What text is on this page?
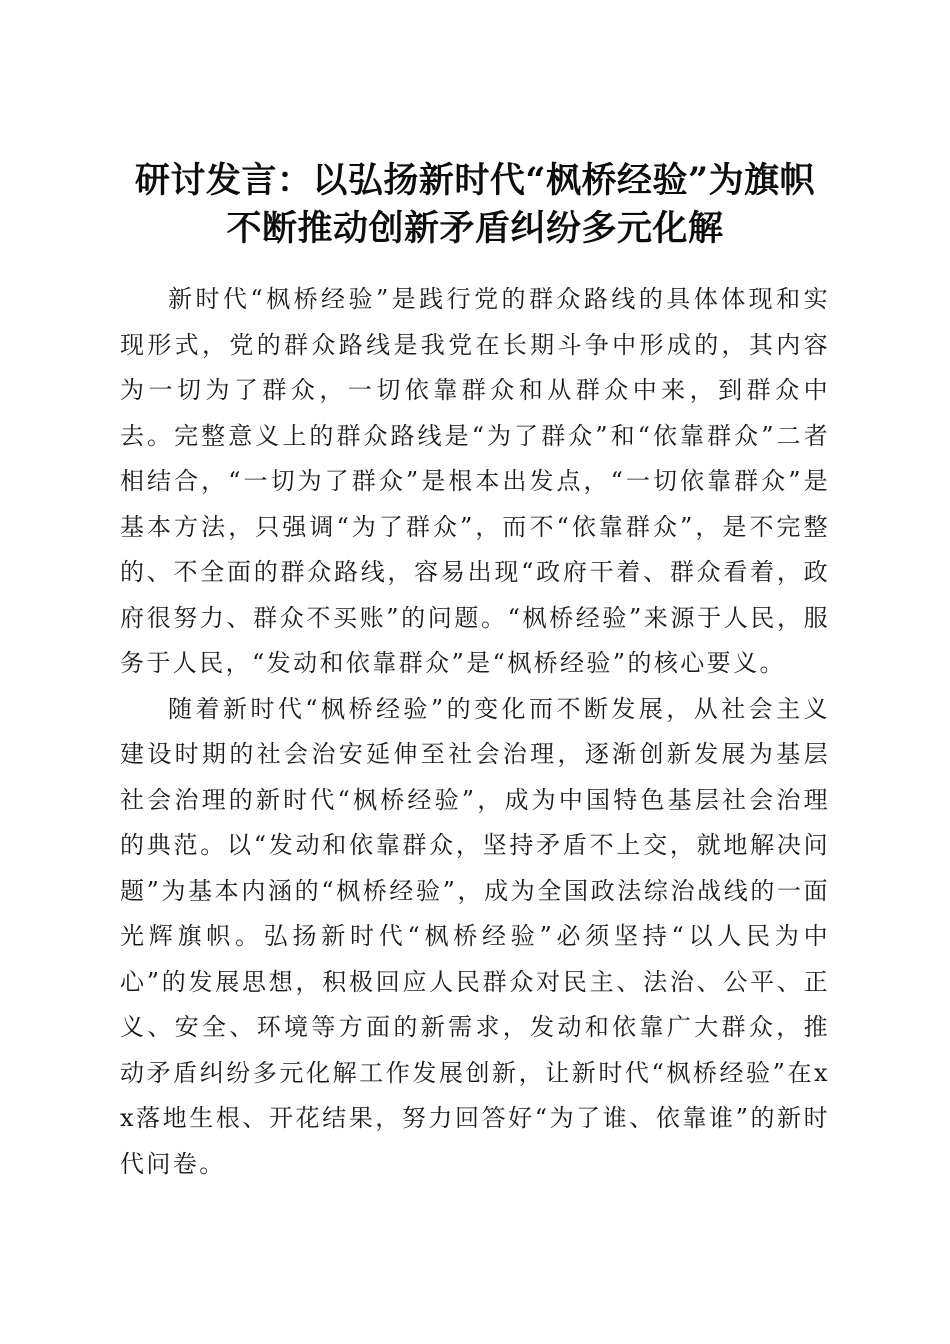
研讨发言：以弘扬新时代“枫桥经验”为旗帜
不断推动创新矛盾纠纷多元化解

新时代“枫桥经验”是践行党的群众路线的具体体现和实现形式，党的群众路线是我党在长期斗争中形成的，其内容为一切为了群众，一切依靠群众和从群众中来，到群众中去。完整意义上的群众路线是“为了群众”和“依靠群众”二者相结合，“一切为了群众”是根本出发点，“一切依靠群众”是基本方法，只强调“为了群众”，而不“依靠群众”，是不完整的、不全面的群众路线，容易出现“政府干着、群众看着，政府很努力、群众不买账”的问题。“枫桥经验”来源于人民，服务于人民，“发动和依靠群众”是“枫桥经验”的核心要义。

随着新时代“枫桥经验”的变化而不断发展，从社会主义建设时期的社会治安延伸至社会治理，逐渐创新发展为基层社会治理的新时代“枫桥经验”，成为中国特色基层社会治理的典范。以“发动和依靠群众，坚持矛盾不上交，就地解决问题”为基本内涵的“枫桥经验”，成为全国政法综治战线的一面光辉旗帜。弘扬新时代“枫桥经验”必须坚持“以人民为中心”的发展思想，积极回应人民群众对民主、法治、公平、正义、安全、环境等方面的新需求，发动和依靠广大群众，推动矛盾纠纷多元化解工作发展创新，让新时代“枫桥经验”在xx落地生根、开花结果，努力回答好“为了谁、依靠谁”的新时代问卷。
